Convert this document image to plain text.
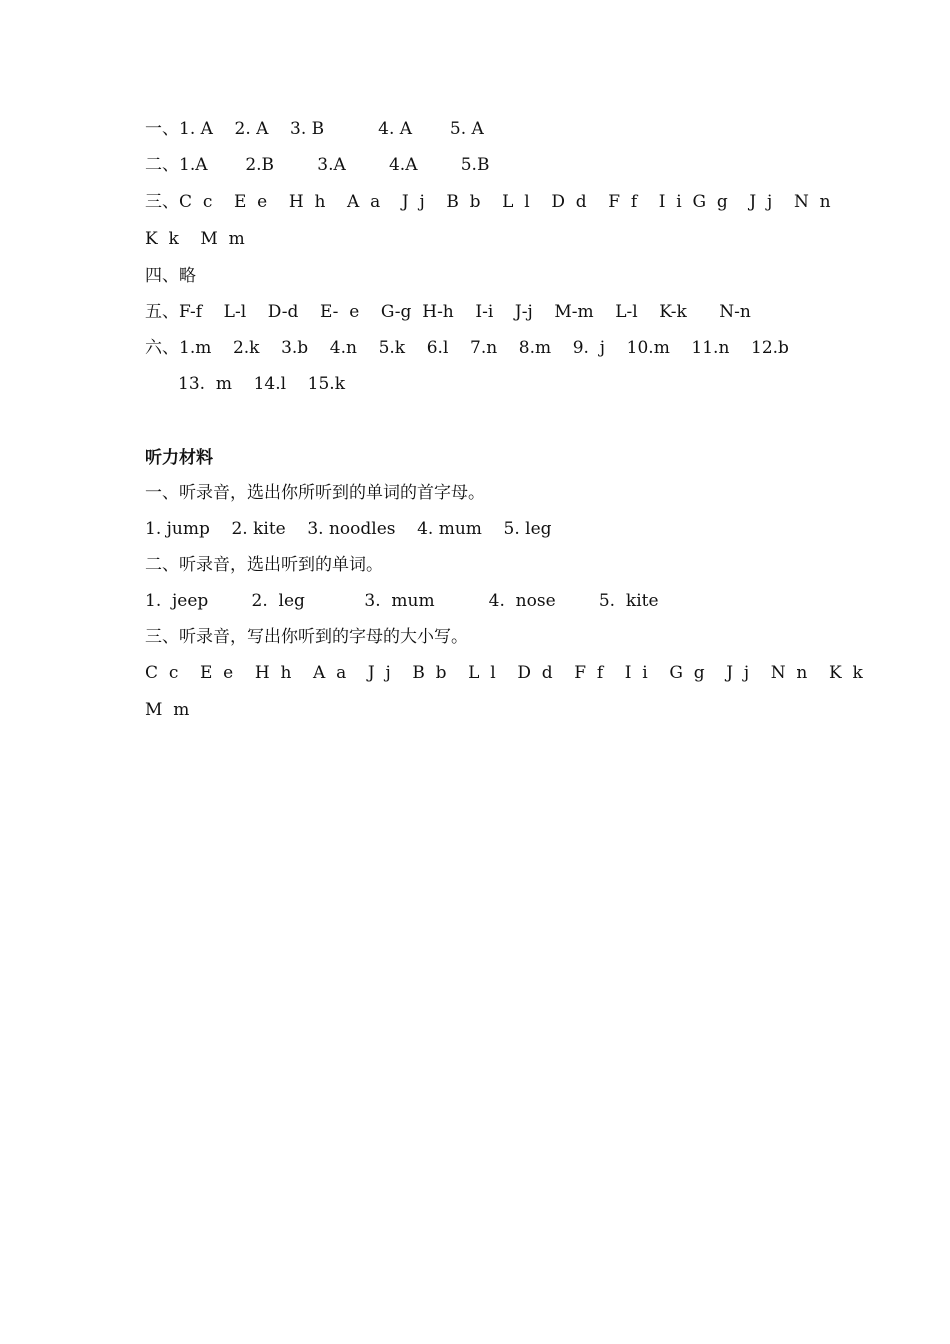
一、1. A    2. A    3. B          4. A       5. A
二、1.A       2.B        3.A        4.A        5.B
三、C  c    E  e    H  h    A  a    J  j    B  b    L  l    D  d    F  f    I  i  G  g    J  j    N  n
K  k    M  m
四、略
五、F-f    L-l    D-d    E-  e    G-g  H-h    I-i    J-j    M-m    L-l    K-k      N-n
六、1.m    2.k    3.b    4.n    5.k    6.l    7.n    8.m    9.  j    10.m    11.n    12.b
13.  m    14.l    15.k
听力材料
一、听录音，选出你所听到的单词的首字母。
1. jump    2. kite    3. noodles    4. mum    5. leg
二、听录音，选出听到的单词。
1.  jeep        2.  leg           3.  mum          4.  nose        5.  kite
三、听录音，写出你听到的字母的大小写。
C  c    E  e    H  h    A  a    J  j    B  b    L  l    D  d    F  f    I  i    G  g    J  j    N  n    K  k
M  m
